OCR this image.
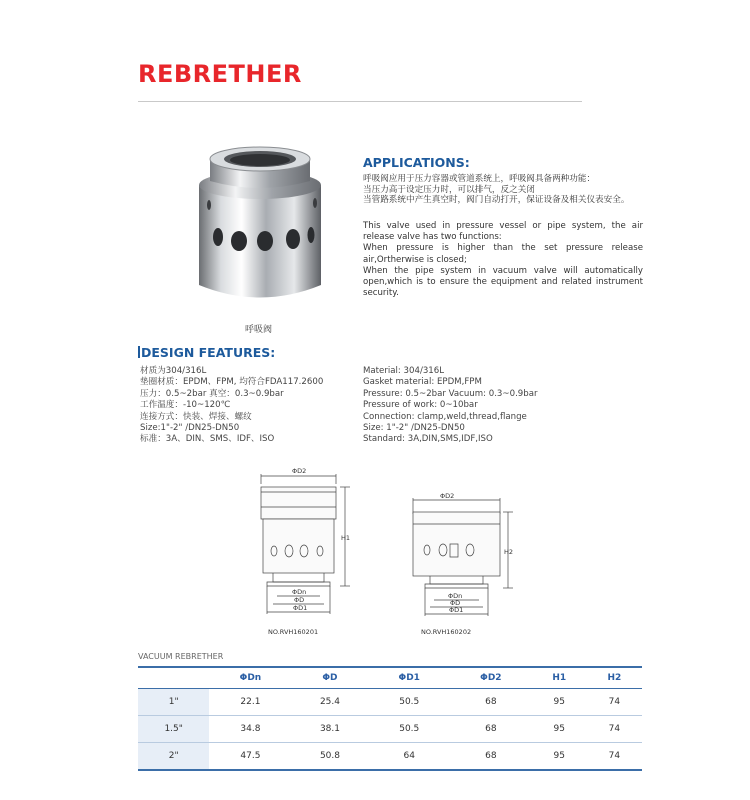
REBRETHER
呼吸阀
APPLICATIONS:
呼吸阀应用于压力容器或管道系统上，呼吸阀具备两种功能：
当压力高于设定压力时，可以排气，反之关闭
当管路系统中产生真空时，阀门自动打开，保证设备及相关仪表安全。

This valve used in pressure vessel or pipe system, the air release valve has two functions:

When pressure is higher than the set pressure release air,Ortherwise is closed;

When the pipe system in vacuum valve will automatically open,which is to ensure the equipment and related instrument security.

DESIGN FEATURES:
材质为304/316L
垫圈材质：EPDM、FPM, 均符合FDA117.2600
压力：0.5~2bar 真空：0.3~0.9bar
工作温度：-10~120℃
连接方式：快装、焊接、螺纹
Size:1"-2" /DN25-DN50
标准：3A、DIN、SMS、IDF、ISO
Material: 304/316L
Gasket material: EPDM,FPM
Pressure: 0.5~2bar Vacuum: 0.3~0.9bar
Pressure of work: 0~10bar
Connection: clamp,weld,thread,flange
Size: 1"-2" /DN25-DN50
Standard: 3A,DIN,SMS,IDF,ISO
ΦD2
H1
ΦDn
ΦD
ΦD1
NO.RVH160201
ΦD2
H2
ΦDn
ΦD
ΦD1
NO.RVH160202
VACUUM REBRETHER
	ΦDn	ΦD	ΦD1	ΦD2	H1	H2
1"	22.1	25.4	50.5	68	95	74
1.5"	34.8	38.1	50.5	68	95	74
2"	47.5	50.8	64	68	95	74
